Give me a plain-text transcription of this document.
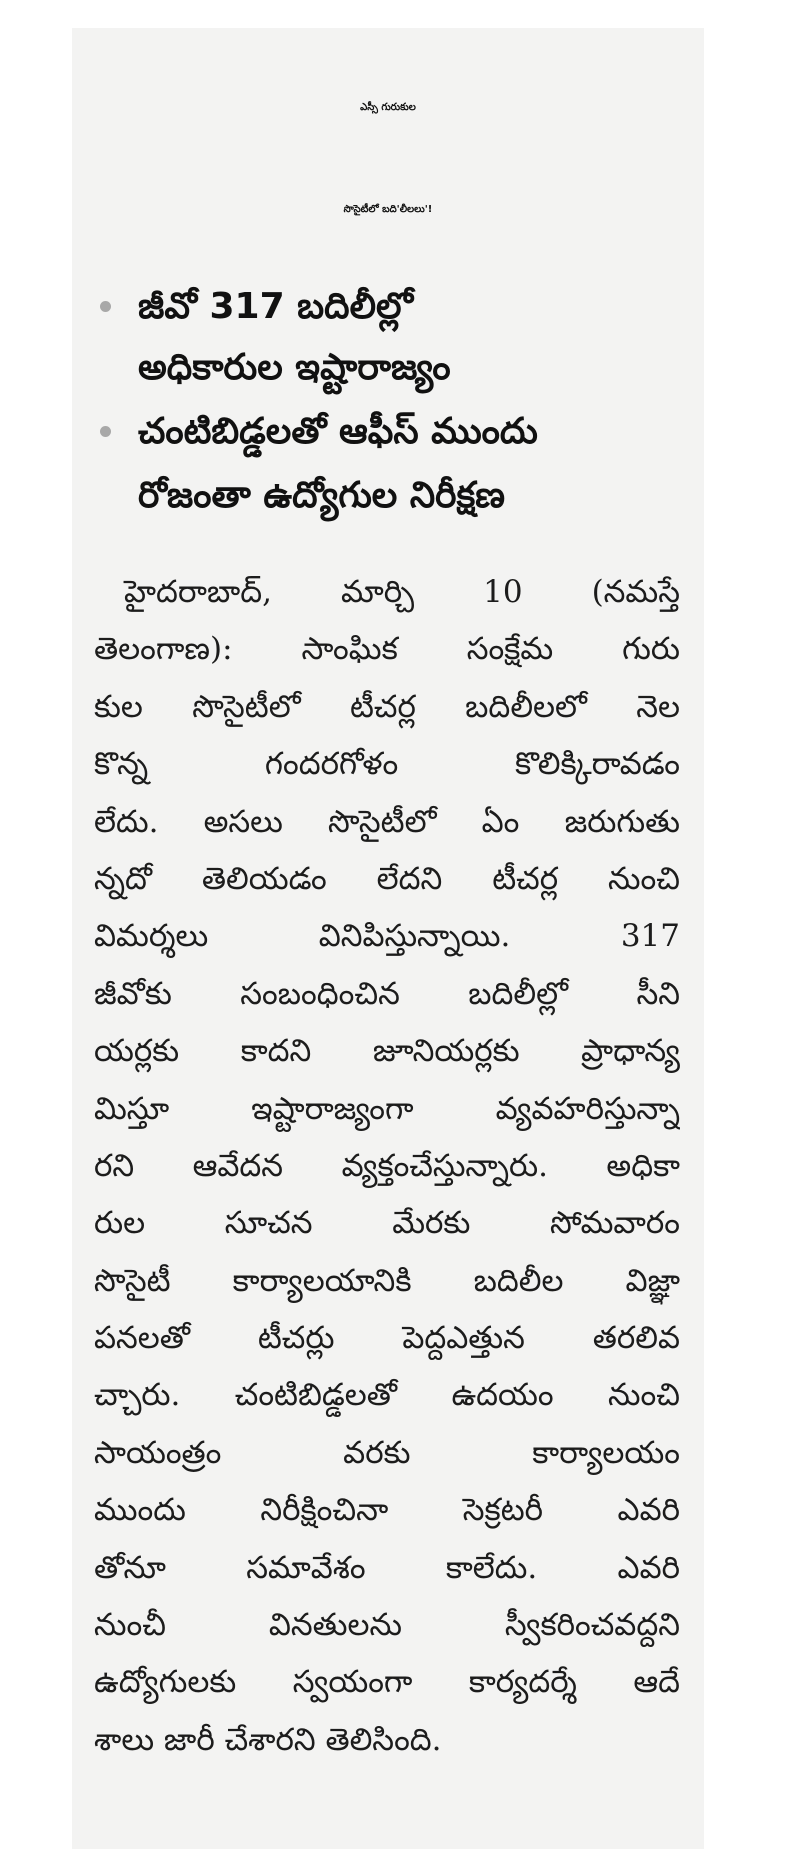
ఎస్సీ గురుకుల
సొసైటీలో బది'లీలలు'!
జీవో 317 బదిలీల్లో
అధికారుల ఇష్టారాజ్యం
చంటిబిడ్డలతో ఆఫీస్ ముందు
రోజంతా ఉద్యోగుల నిరీక్షణ
హైదరాబాద్, మార్చి 10 (నమస్తే
తెలంగాణ): సాంఘిక సంక్షేమ గురు
కుల సొసైటీలో టీచర్ల బదిలీలలో నెల
కొన్న గందరగోళం కొలిక్కిరావడం
లేదు. అసలు సొసైటీలో ఏం జరుగుతు
న్నదో తెలియడం లేదని టీచర్ల నుంచి
విమర్శలు వినిపిస్తున్నాయి. 317
జీవోకు సంబంధించిన బదిలీల్లో సీని
యర్లకు కాదని జూనియర్లకు ప్రాధాన్య
మిస్తూ ఇష్టారాజ్యంగా వ్యవహరిస్తున్నా
రని ఆవేదన వ్యక్తంచేస్తున్నారు. అధికా
రుల సూచన మేరకు సోమవారం
సొసైటీ కార్యాలయానికి బదిలీల విజ్ఞా
పనలతో టీచర్లు పెద్దఎత్తున తరలివ
చ్చారు. చంటిబిడ్డలతో ఉదయం నుంచి
సాయంత్రం వరకు కార్యాలయం
ముందు నిరీక్షించినా సెక్రటరీ ఎవరి
తోనూ సమావేశం కాలేదు. ఎవరి
నుంచీ వినతులను స్వీకరించవద్దని
ఉద్యోగులకు స్వయంగా కార్యదర్శే ఆదే
శాలు జారీ చేశారని తెలిసింది.
